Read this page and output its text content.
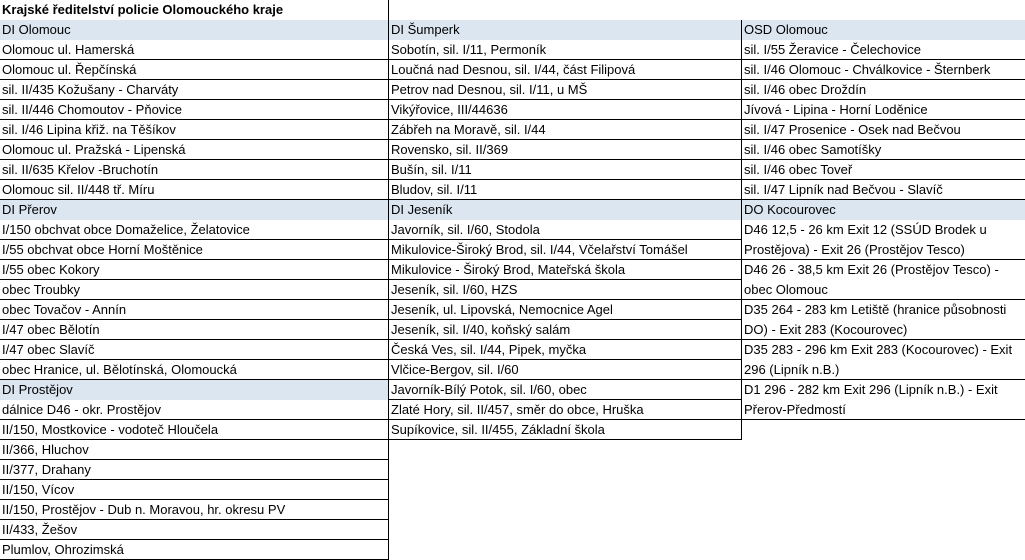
Krajské ředitelství policie Olomouckého kraje
DI Olomouc
Olomouc ul. Hamerská
Olomouc ul. Řepčínská
sil. II/435 Kožušany - Charváty
sil. II/446 Chomoutov - Pňovice
sil. I/46 Lipina křiž. na Těšíkov
Olomouc ul. Pražská - Lipenská
sil. II/635 Křelov -Bruchotín
Olomouc sil. II/448 tř. Míru
DI Přerov
I/150 obchvat obce Domaželice, Želatovice
I/55 obchvat obce Horní Moštěnice
I/55 obec Kokory
obec Troubky
obec Tovačov - Annín
I/47 obec Bělotín
I/47 obec Slavíč
obec Hranice, ul. Bělotínská, Olomoucká
DI Prostějov
dálnice D46 - okr. Prostějov
II/150, Mostkovice - vodoteč Hloučela
II/366, Hluchov
II/377, Drahany
II/150, Vícov
II/150, Prostějov - Dub n. Moravou, hr. okresu PV
II/433, Žešov
Plumlov, Ohrozimská
DI Šumperk
Sobotín, sil. I/11, Permoník
Loučná nad Desnou, sil. I/44, část Filipová
Petrov nad Desnou, sil. I/11, u MŠ
Vikýřovice, III/44636
Zábřeh na Moravě, sil. I/44
Rovensko, sil. II/369
Bušín, sil. I/11
Bludov, sil. I/11
DI Jeseník
Javorník, sil. I/60, Stodola
Mikulovice-Široký Brod, sil. I/44, Včelařství Tomášel
Mikulovice - Široký Brod, Mateřská škola
Jeseník, sil. I/60, HZS
Jeseník, ul. Lipovská, Nemocnice Agel
Jeseník, sil. I/40, koňský salám
Česká Ves, sil. I/44, Pipek, myčka
Vlčice-Bergov, sil. I/60
Javorník-Bílý Potok, sil. I/60, obec
Zlaté Hory, sil. II/457, směr do obce, Hruška
Supíkovice, sil. II/455, Základní škola
OSD Olomouc
sil. I/55 Žeravice - Čelechovice
sil. I/46 Olomouc - Chválkovice - Šternberk
sil. I/46 obec Droždín
Jívová - Lipina - Horní Loděnice
sil. I/47 Prosenice - Osek nad Bečvou
sil. I/46 obec Samotíšky
sil. I/46 obec Toveř
sil. I/47 Lipník nad Bečvou - Slavíč
DO Kocourovec
D46 12,5 - 26 km Exit 12 (SSÚD Brodek u
Prostějova) - Exit 26 (Prostějov Tesco)
D46 26 - 38,5 km Exit 26 (Prostějov Tesco) -
obec Olomouc
D35 264 - 283 km Letiště (hranice působnosti
DO) - Exit 283 (Kocourovec)
D35 283 - 296 km Exit 283 (Kocourovec) - Exit
296 (Lipník n.B.)
D1 296 - 282 km Exit 296 (Lipník n.B.) - Exit
Přerov-Předmostí
